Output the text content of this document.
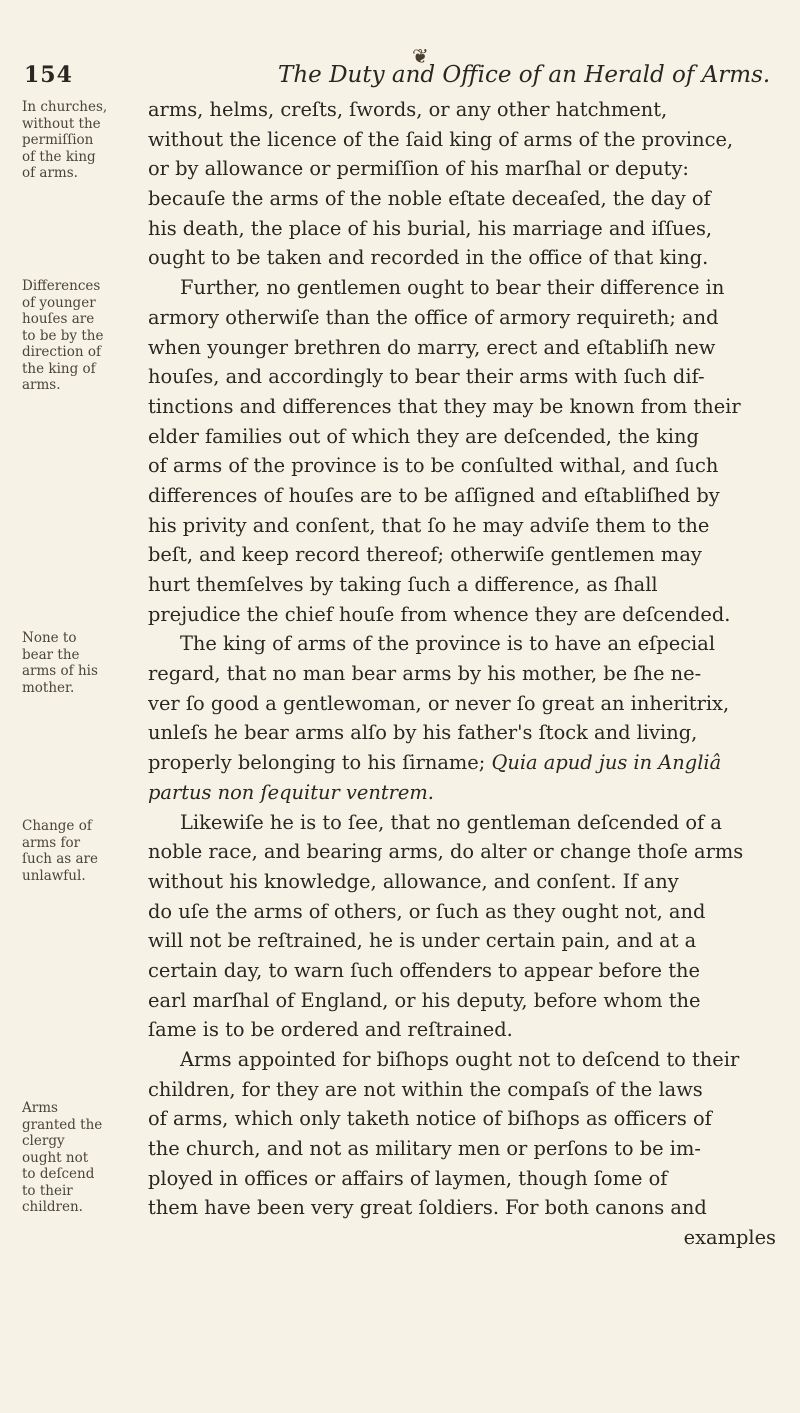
154
❦
The Duty and Office of an Herald of Arms.
In churches,
without the
permiſſion
of the king
of arms.
Differences
of younger
houſes are
to be by the
direction of
the king of
arms.
None to
bear the
arms of his
mother.
Change of
arms for
ſuch as are
unlawful.
Arms
granted the
clergy
ought not
to deſcend
to their
children.
arms, helms, creſts, ſwords, or any other hatchment,
without the licence of the ſaid king of arms of the province,
or by allowance or permiſſion of his marſhal or deputy:
becauſe the arms of the noble eſtate deceaſed, the day of
his death, the place of his burial, his marriage and iſſues,
ought to be taken and recorded in the office of that king.
Further, no gentlemen ought to bear their difference in
armory otherwiſe than the office of armory requireth; and
when younger brethren do marry, erect and eſtabliſh new
houſes, and accordingly to bear their arms with ſuch dif-
tinctions and differences that they may be known from their
elder families out of which they are deſcended, the king
of arms of the province is to be conſulted withal, and ſuch
differences of houſes are to be aſſigned and eſtabliſhed by
his privity and conſent, that ſo he may adviſe them to the
beſt, and keep record thereof; otherwiſe gentlemen may
hurt themſelves by taking ſuch a difference, as ſhall
prejudice the chief houſe from whence they are deſcended.
The king of arms of the province is to have an eſpecial
regard, that no man bear arms by his mother, be ſhe ne-
ver ſo good a gentlewoman, or never ſo great an inheritrix,
unleſs he bear arms alſo by his father's ſtock and living,
properly belonging to his ſirname; Quia apud jus in Angliâ
partus non ſequitur ventrem.
Likewiſe he is to ſee, that no gentleman deſcended of a
noble race, and bearing arms, do alter or change thoſe arms
without his knowledge, allowance, and conſent. If any
do uſe the arms of others, or ſuch as they ought not, and
will not be reſtrained, he is under certain pain, and at a
certain day, to warn ſuch offenders to appear before the
earl marſhal of England, or his deputy, before whom the
ſame is to be ordered and reſtrained.
Arms appointed for biſhops ought not to deſcend to their
children, for they are not within the compaſs of the laws
of arms, which only taketh notice of biſhops as officers of
the church, and not as military men or perſons to be im-
ployed in offices or affairs of laymen, though ſome of
them have been very great ſoldiers. For both canons and
examples
